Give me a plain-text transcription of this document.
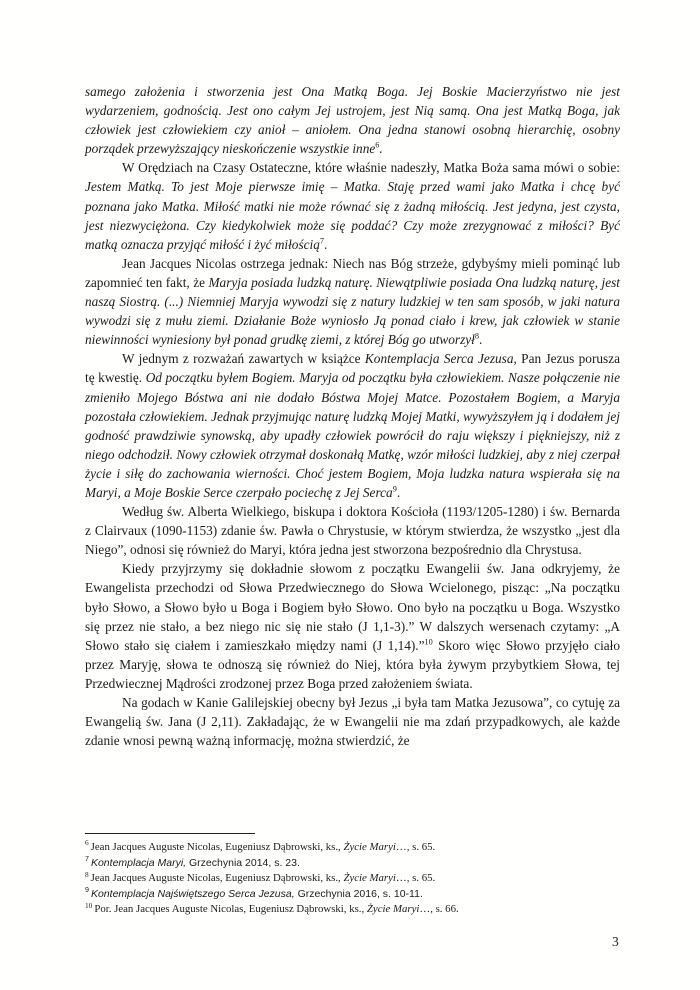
samego założenia i stworzenia jest Ona Matką Boga. Jej Boskie Macierzyństwo nie jest wydarzeniem, godnością. Jest ono całym Jej ustrojem, jest Nią samą. Ona jest Matką Boga, jak człowiek jest człowiekiem czy anioł – aniołem. Ona jedna stanowi osobną hierarchię, osobny porządek przewyższający nieskończenie wszystkie inne$^6$.

W Orędziach na Czasy Ostateczne, które właśnie nadeszły, Matka Boża sama mówi o sobie: Jestem Matką. To jest Moje pierwsze imię – Matka. Staję przed wami jako Matka i chcę być poznana jako Matka. Miłość matki nie może równać się z żadną miłością. Jest jedyna, jest czysta, jest niezwyciężona. Czy kiedykolwiek może się poddać? Czy może zrezygnować z miłości? Być matką oznacza przyjąć miłość i żyć miłością$^7$.

Jean Jacques Nicolas ostrzega jednak: Niech nas Bóg strzeże, gdybyśmy mieli pominąć lub zapomnieć ten fakt, że Maryja posiada ludzką naturę. Niewątpliwie posiada Ona ludzką naturę, jest naszą Siostrą. (...) Niemniej Maryja wywodzi się z natury ludzkiej w ten sam sposób, w jaki natura wywodzi się z mułu ziemi. Działanie Boże wyniosło Ją ponad ciało i krew, jak człowiek w stanie niewinności wyniesiony był ponad grudkę ziemi, z której Bóg go utworzył$^8$.

W jednym z rozważań zawartych w książce Kontemplacja Serca Jezusa, Pan Jezus porusza tę kwestię. Od początku byłem Bogiem. Maryja od początku była człowiekiem. Nasze połączenie nie zmieniło Mojego Bóstwa ani nie dodało Bóstwa Mojej Matce. Pozostałem Bogiem, a Maryja pozostała człowiekiem. Jednak przyjmując naturę ludzką Mojej Matki, wywyższyłem ją i dodałem jej godność prawdziwie synowską, aby upadły człowiek powrócił do raju większy i piękniejszy, niż z niego odchodził. Nowy człowiek otrzymał doskonałą Matkę, wzór miłości ludzkiej, aby z niej czerpał życie i siłę do zachowania wierności. Choć jestem Bogiem, Moja ludzka natura wspierała się na Maryi, a Moje Boskie Serce czerpało pociechę z Jej Serca$^9$.

Według św. Alberta Wielkiego, biskupa i doktora Kościoła (1193/1205-1280) i św. Bernarda z Clairvaux (1090-1153) zdanie św. Pawła o Chrystusie, w którym stwierdza, że wszystko „jest dla Niego”, odnosi się również do Maryi, która jedna jest stworzona bezpośrednio dla Chrystusa.

Kiedy przyjrzymy się dokładnie słowom z początku Ewangelii św. Jana odkryjemy, że Ewangelista przechodzi od Słowa Przedwiecznego do Słowa Wcielonego, pisząc: „Na początku było Słowo, a Słowo było u Boga i Bogiem było Słowo. Ono było na początku u Boga. Wszystko się przez nie stało, a bez niego nic się nie stało (J 1,1-3).” W dalszych wersenach czytamy: „A Słowo stało się ciałem i zamieszkało między nami (J 1,14).”$^{10}$ Skoro więc Słowo przyjęło ciało przez Maryję, słowa te odnoszą się również do Niej, która była żywym przybytkiem Słowa, tej Przedwiecznej Mądrości zrodzonej przez Boga przed założeniem świata.

Na godach w Kanie Galilejskiej obecny był Jezus „i była tam Matka Jezusowa”, co cytuję za Ewangelią św. Jana (J 2,11). Zakładając, że w Ewangelii nie ma zdań przypadkowych, ale każde zdanie wnosi pewną ważną informację, można stwierdzić, że

$^6$ Jean Jacques Auguste Nicolas, Eugeniusz Dąbrowski, ks., Życie Maryi…, s. 65.
$^7$ Kontemplacja Maryi, Grzechynia 2014, s. 23.
$^8$ Jean Jacques Auguste Nicolas, Eugeniusz Dąbrowski, ks., Życie Maryi…, s. 65.
$^9$ Kontemplacja Najświętszego Serca Jezusa, Grzechynia 2016, s. 10-11.
$^{10}$ Por. Jean Jacques Auguste Nicolas, Eugeniusz Dąbrowski, ks., Życie Maryi…, s. 66.
3
